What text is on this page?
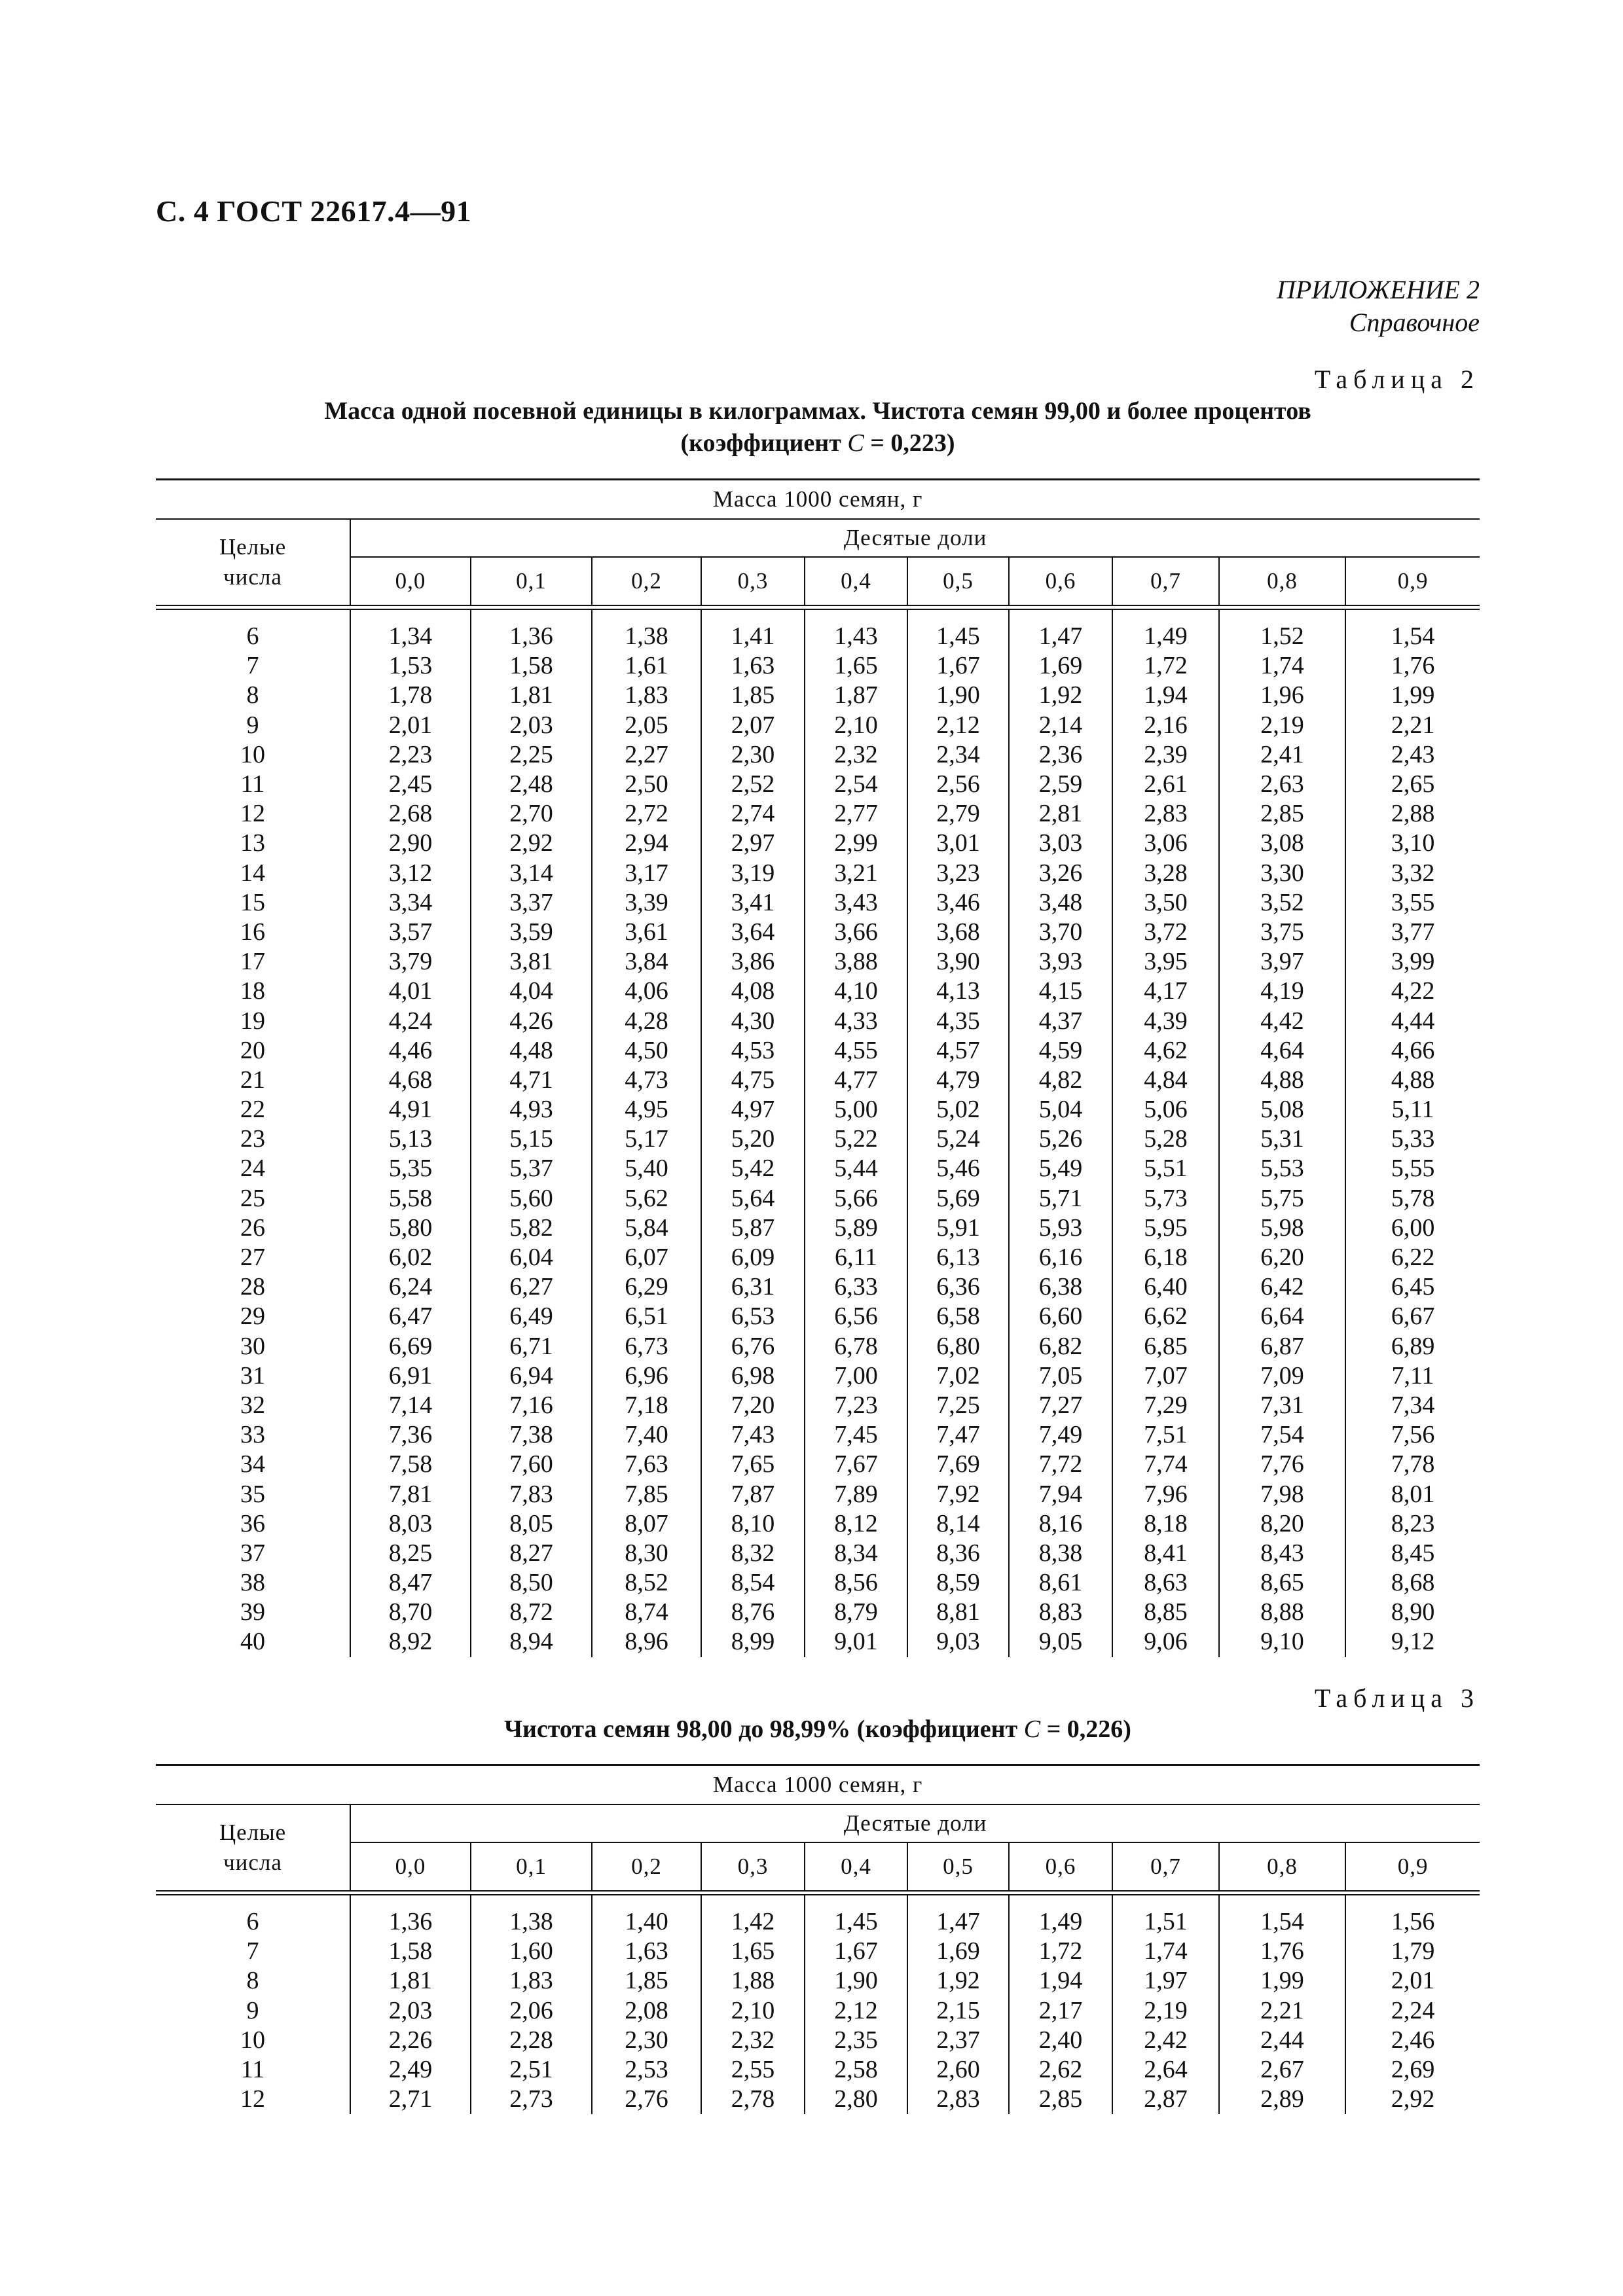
С. 4 ГОСТ 22617.4—91
ПРИЛОЖЕНИЕ 2
Справочное
Таблица 2
Масса одной посевной единицы в килограммах. Чистота семян 99,00 и более процентов
(коэффициент С = 0,223)
Масса 1000 семян, г										

Целые
числа	Десятые доли									
	0,0	0,1	0,2	0,3	0,4	0,5	0,6	0,7	0,8	0,9

6	1,34	1,36	1,38	1,41	1,43	1,45	1,47	1,49	1,52	1,54
7	1,53	1,58	1,61	1,63	1,65	1,67	1,69	1,72	1,74	1,76
8	1,78	1,81	1,83	1,85	1,87	1,90	1,92	1,94	1,96	1,99
9	2,01	2,03	2,05	2,07	2,10	2,12	2,14	2,16	2,19	2,21
10	2,23	2,25	2,27	2,30	2,32	2,34	2,36	2,39	2,41	2,43
11	2,45	2,48	2,50	2,52	2,54	2,56	2,59	2,61	2,63	2,65
12	2,68	2,70	2,72	2,74	2,77	2,79	2,81	2,83	2,85	2,88
13	2,90	2,92	2,94	2,97	2,99	3,01	3,03	3,06	3,08	3,10
14	3,12	3,14	3,17	3,19	3,21	3,23	3,26	3,28	3,30	3,32
15	3,34	3,37	3,39	3,41	3,43	3,46	3,48	3,50	3,52	3,55
16	3,57	3,59	3,61	3,64	3,66	3,68	3,70	3,72	3,75	3,77
17	3,79	3,81	3,84	3,86	3,88	3,90	3,93	3,95	3,97	3,99
18	4,01	4,04	4,06	4,08	4,10	4,13	4,15	4,17	4,19	4,22
19	4,24	4,26	4,28	4,30	4,33	4,35	4,37	4,39	4,42	4,44
20	4,46	4,48	4,50	4,53	4,55	4,57	4,59	4,62	4,64	4,66
21	4,68	4,71	4,73	4,75	4,77	4,79	4,82	4,84	4,88	4,88
22	4,91	4,93	4,95	4,97	5,00	5,02	5,04	5,06	5,08	5,11
23	5,13	5,15	5,17	5,20	5,22	5,24	5,26	5,28	5,31	5,33
24	5,35	5,37	5,40	5,42	5,44	5,46	5,49	5,51	5,53	5,55
25	5,58	5,60	5,62	5,64	5,66	5,69	5,71	5,73	5,75	5,78
26	5,80	5,82	5,84	5,87	5,89	5,91	5,93	5,95	5,98	6,00
27	6,02	6,04	6,07	6,09	6,11	6,13	6,16	6,18	6,20	6,22
28	6,24	6,27	6,29	6,31	6,33	6,36	6,38	6,40	6,42	6,45
29	6,47	6,49	6,51	6,53	6,56	6,58	6,60	6,62	6,64	6,67
30	6,69	6,71	6,73	6,76	6,78	6,80	6,82	6,85	6,87	6,89
31	6,91	6,94	6,96	6,98	7,00	7,02	7,05	7,07	7,09	7,11
32	7,14	7,16	7,18	7,20	7,23	7,25	7,27	7,29	7,31	7,34
33	7,36	7,38	7,40	7,43	7,45	7,47	7,49	7,51	7,54	7,56
34	7,58	7,60	7,63	7,65	7,67	7,69	7,72	7,74	7,76	7,78
35	7,81	7,83	7,85	7,87	7,89	7,92	7,94	7,96	7,98	8,01
36	8,03	8,05	8,07	8,10	8,12	8,14	8,16	8,18	8,20	8,23
37	8,25	8,27	8,30	8,32	8,34	8,36	8,38	8,41	8,43	8,45
38	8,47	8,50	8,52	8,54	8,56	8,59	8,61	8,63	8,65	8,68
39	8,70	8,72	8,74	8,76	8,79	8,81	8,83	8,85	8,88	8,90
40	8,92	8,94	8,96	8,99	9,01	9,03	9,05	9,06	9,10	9,12
Таблица 3
Чистота семян 98,00 до 98,99% (коэффициент С = 0,226)
Масса 1000 семян, г										

Целые
числа	Десятые доли									
	0,0	0,1	0,2	0,3	0,4	0,5	0,6	0,7	0,8	0,9

6	1,36	1,38	1,40	1,42	1,45	1,47	1,49	1,51	1,54	1,56
7	1,58	1,60	1,63	1,65	1,67	1,69	1,72	1,74	1,76	1,79
8	1,81	1,83	1,85	1,88	1,90	1,92	1,94	1,97	1,99	2,01
9	2,03	2,06	2,08	2,10	2,12	2,15	2,17	2,19	2,21	2,24
10	2,26	2,28	2,30	2,32	2,35	2,37	2,40	2,42	2,44	2,46
11	2,49	2,51	2,53	2,55	2,58	2,60	2,62	2,64	2,67	2,69
12	2,71	2,73	2,76	2,78	2,80	2,83	2,85	2,87	2,89	2,92
